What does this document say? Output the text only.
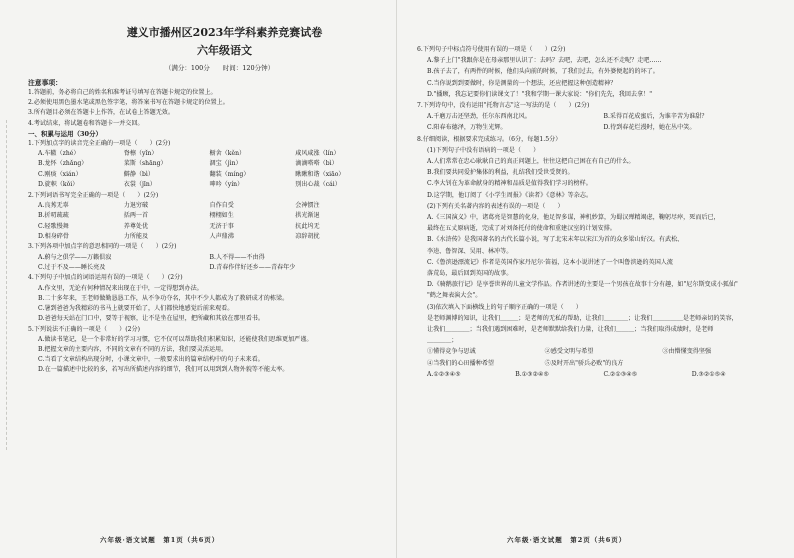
遵义市播州区2023年学科素养竞赛试卷
六年级语文
（满分：100分　　时间：120分钟）
注意事项：
1.答题前，务必将自己的姓名和准考证号填写在答题卡规定的位置上。
2.必须使用黑色墨水笔或黑色签字笔，将答案书写在答题卡规定的位置上。
3.所有题目必须在答题卡上作答，在试卷上答题无效。
4.考试结束，将试题卷和答题卡一并交回。
一、积累与运用（30分）
1.下列加点字的读音完全正确的一项是（　　）(2分)
A.车辙（zhé）	脊檩（yǐn）	橱舍（kěn）	咸风咸涨（lín）
B.龙怀（zhǎng）	菜斯（shāng）	涸宝（jìn）	滴滴嗒嗒（bì）
C.刚痰（xián）	僻静（bì）	翻装（míng）	瞅瞅和谐（xiāo）
D.旋帜（kǒi）	衣裳（jīn）	呻吟（yín）	别出心裁（cái）
2.下列词语书写完全正确的一项是（　　）(2分)
A.良莠无辜	力退穷破	自作自受	会神惯注
B.折叨疏疏	括两一首	栩栩如生	拱光渐退
C.轻歌慢舞	养尊处优	无济于事	抗此坞无
D.相身碎骨	力所能及	人声鼎沸	凉辞胡扰
3.下列各项中加点字的意思相同的一项是（　　）(2分)
A.蔚与之俱学——万籁俱寂	B.人不得——不由得
C.过于不及——睡长亮及	D.青春作伴好还乡——青春年少
4.下列句子中加点的词语运用有误的一项是（　　）(2分)
A.作文里，无论有何种情况来出现在于中，一定得想到办法。
B.二十多年来，王老师做勤恳恳工作，从不争功夺名，其中不少人都成为了教研成才的栋梁。
C.暑到爸爸为我精彩的书马上就要开始了，人们都快地感觉后前来观看。
D.爸爸每天站在门口中，要等于视察，让不是坐在屋里，把所藏和其放在那里看书。
5.下列说法不正确的一项是（　　）(2分)
A.做读书笔记，是一个非常好的学习习惯，它不仅可以帮助我们积累知识，还能使我们思维更加严谨。
B.把握文章的主要内容，不同的文章有不同的方法，我们要灵活运用。
C.当看了文章结构出现分时，小课文章中，一般要求出的篇章结构中的句子未来看。
D.在一篇描述中比较的多，若写出所描述内容的细节，我们可以用到到人物外貌等不能太率。
六年级·语文试题　第1页（共6页）
6.下列句子中标点符号使用有误的一项是（　　）(2分)
A.黎子上门"我跟你是在母亲那里认识了：去吗？去吧，去吧，怎么还不走呢？走吧……
B.孩子去了，有两件的时候，他们头向前的时候，了我们过去，有外婆便起的的坏了。
C.当你说到到要做时，你是测量的一个想法，还应把握这种创造精神？
D."播顾，我忘记要你们读课文了！"我和学期一课大家说："你们先先，我回去拿！"
7.下列诗句中，没有运用"托物言志"这一写法的是（　　）(2分)
A.千磨万击还坚劲，任尔东西南北风。	B.采得百花成蜜后，为谁辛苦为谁甜？
C.阳春布德泽，万物生光辉。	D.待到春花烂漫时，她在丛中笑。
8.仔细阅读，根据要求完成练习。（6分，每题1.5分）
(1)下列句子中没有语病的一项是（　　）
A.人们常常在忠心耿耿自己的真正问题上，往往这把自己困在有自己的什么。
B.我们要共同爱护集体的利益，扎结我们受世受贤的。
C.李大钊在为革命献身的精神和品质是值得我们学习的榜样。
D.这学期，他订阅了《小学生周报》《读者》《意林》等杂志。
(2)下列有关名著内容的表述有误的一项是（　　）
A.《三国演义》中，诸葛亮是智慧的化身，他足智多谋，神机妙算，为蜀汉殚精竭虑，鞠躬尽瘁，死而后已，
最终在五丈原病逝，完成了对刘备托付的使命和重建汉室的计划安排。
B.《水浒传》是我国著名的古代长篇小说，写了北宋末年以宋江为首的众多梁山好汉。有武松、
李逵、鲁智深、吴用、林冲等。
C.《鲁滨逊漂流记》作者是英国作家丹尼尔·笛福，这本小说讲述了一个叫鲁滨逊的英国人流
落荒岛，最后回到英国的故事。
D.《骑鹅旅行记》是享誉世界的儿童文学作品。作者讲述的主要是一个男孩在故事十分有趣，如"尼尔斯变成小狐仙"
"鹤之舞表演大会"。
(3)依次填入下面横线上的句子顺序正确的一项是（　　）
是老师渊博的知识，让我们＿＿＿；是老师的无私的帮助，让我们＿＿＿＿；让我们＿＿＿＿＿是老师亲切的笑容，
让我们＿＿＿＿；当我们遇到困难时，是老师默默给我们力量，让我们＿＿＿；当我们取得成绩时，是老师
＿＿＿＿；
①懂得竞争与思诚	②感受文明与希望	③由懵懂变得坚强
④当我们的心田播种希望	⑤及时开出"骄兵必败"的良方
A.①②③④⑤	B.①③②④⑤	C.②①③④⑤	D.③②①⑤④
六年级·语文试题　第2页（共6页）
